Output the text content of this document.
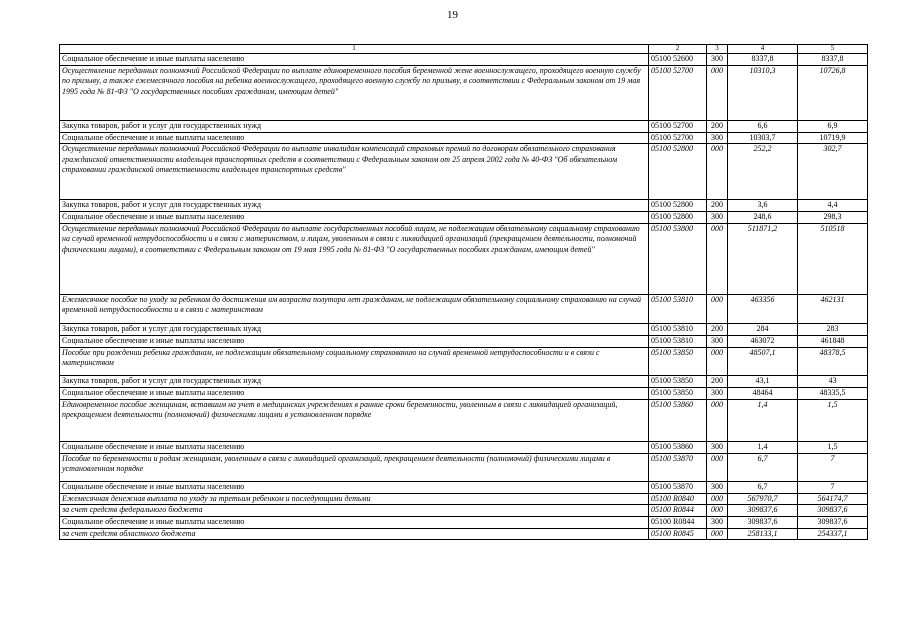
19
1	2	3	4	5
Социальное обеспечение и иные выплаты населению	05100 52600	300	8337,8	8337,8
Осуществление переданных полномочий Российской Федерации по выплате единовременного пособия беременной жене военнослужащего, проходящего военную службу по призыву, а также ежемесячного пособия на ребенка военнослужащего, проходящего военную службу по призыву, в соответствии с Федеральным законом от 19 мая 1995 года № 81-ФЗ "О государственных пособиях гражданам, имеющим детей"	05100 52700	000	10310,3	10726,8
Закупка товаров, работ и услуг для государственных нужд	05100 52700	200	6,6	6,9
Социальное обеспечение и иные выплаты населению	05100 52700	300	10303,7	10719,9
Осуществление переданных полномочий Российской Федерации по выплате инвалидам компенсаций страховых премий по договорам обязательного страхования гражданской ответственности владельцев транспортных средств в соответствии с Федеральным законом от 25 апреля 2002 года № 40-ФЗ "Об обязательном страховании гражданской ответственности владельцев транспортных средств"	05100 52800	000	252,2	302,7
Закупка товаров, работ и услуг для государственных нужд	05100 52800	200	3,6	4,4
Социальное обеспечение и иные выплаты населению	05100 52800	300	248,6	298,3
Осуществление переданных полномочий Российской Федерации по выплате государственных пособий лицам, не подлежащим обязательному социальному страхованию на случай временной нетрудоспособности и в связи с материнством, и лицам, уволенным в связи с ликвидацией организаций (прекращением деятельности, полномочий физическими лицами), в соответствии с Федеральным законом от 19 мая 1995 года № 81-ФЗ "О государственных пособиях гражданам, имеющим детей"	05100 53800	000	511871,2	510518
Ежемесячное пособие по уходу за ребенком до достижения им возраста полутора лет гражданам, не подлежащим обязательному социальному страхованию на случай временной нетрудоспособности и в связи с материнством	05100 53810	000	463356	462131
Закупка товаров, работ и услуг для государственных нужд	05100 53810	200	284	283
Социальное обеспечение и иные выплаты населению	05100 53810	300	463072	461848
Пособие при рождении ребенка гражданам, не подлежащим обязательному социальному страхованию на случай временной нетрудоспособности и в связи с материнством	05100 53850	000	48507,1	48378,5
Закупка товаров, работ и услуг для государственных нужд	05100 53850	200	43,1	43
Социальное обеспечение и иные выплаты населению	05100 53850	300	48464	48335,5
Единовременное пособие женщинам, вставшим на учет в медицинских учреждениях в ранние сроки беременности, уволенным в связи с ликвидацией организаций, прекращением деятельности (полномочий) физическими лицами в установленном порядке	05100 53860	000	1,4	1,5
Социальное обеспечение и иные выплаты населению	05100 53860	300	1,4	1,5
Пособие по беременности и родам женщинам, уволенным в связи с ликвидацией организаций, прекращением деятельности (полномочий) физическими лицами в установленном порядке	05100 53870	000	6,7	7
Социальное обеспечение и иные выплаты населению	05100 53870	300	6,7	7
Ежемесячная денежная выплата по уходу за третьим ребенком и последующими детьми	05100 R0840	000	567970,7	564174,7
за счет средств федерального бюджета	05100 R0844	000	309837,6	309837,6
Социальное обеспечение и иные выплаты населению	05100 R0844	300	309837,6	309837,6
за счет средств областного бюджета	05100 R0845	000	258133,1	254337,1
